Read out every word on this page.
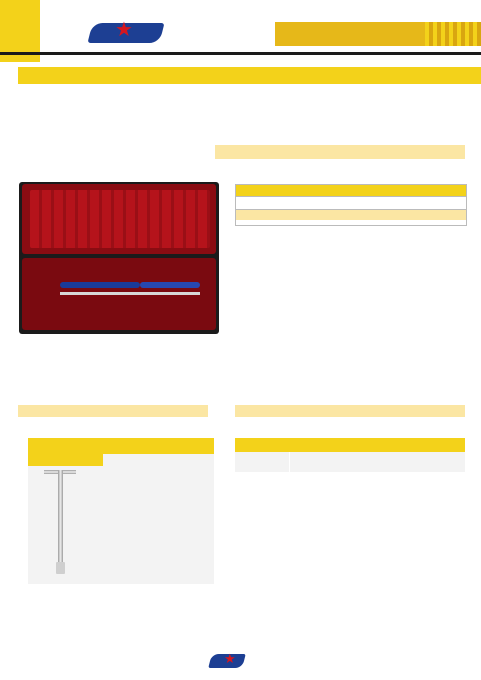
★
★
